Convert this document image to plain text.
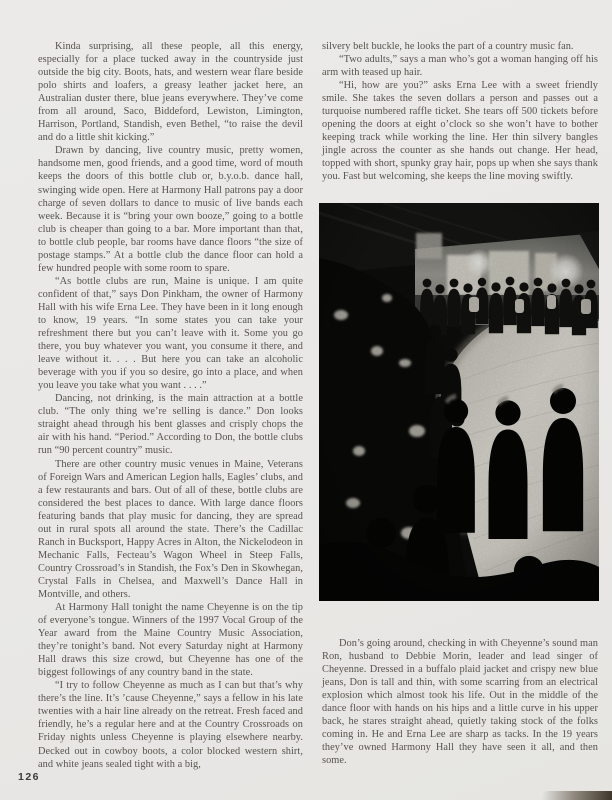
Kinda surprising, all these people, all this energy, especially for a place tucked away in the countryside just outside the big city. Boots, hats, and western wear flare beside polo shirts and loafers, a greasy leather jacket here, an Australian duster there, blue jeans everywhere. They’ve come from all around, Saco, Biddeford, Lewiston, Limington, Harrison, Portland, Standish, even Bethel, “to raise the devil and do a little shit kicking.”

Drawn by dancing, live country music, pretty women, handsome men, good friends, and a good time, word of mouth keeps the doors of this bottle club or, b.y.o.b. dance hall, swinging wide open. Here at Harmony Hall patrons pay a door charge of seven dollars to dance to music of live bands each week. Because it is “bring your own booze,” going to a bottle club is cheaper than going to a bar. More important than that, to bottle club people, bar rooms have dance floors “the size of postage stamps.” At a bottle club the dance floor can hold a few hundred people with some room to spare.

“As bottle clubs are run, Maine is unique. I am quite confident of that,” says Don Pinkham, the owner of Harmony Hall with his wife Erna Lee. They have been in it long enough to know, 19 years. “In some states you can take your refreshment there but you can’t leave with it. Some you go there, you buy whatever you want, you consume it there, and leave without it. . . . But here you can take an alcoholic beverage with you if you so desire, go into a place, and when you leave you take what you want . . . .”

Dancing, not drinking, is the main attraction at a bottle club. “The only thing we’re selling is dance.” Don looks straight ahead through his bent glasses and crisply chops the air with his hand. “Period.” According to Don, the bottle clubs run “90 percent country” music.

There are other country music venues in Maine, Veterans of Foreign Wars and American Legion halls, Eagles’ clubs, and a few restaurants and bars. Out of all of these, bottle clubs are considered the best places to dance. With large dance floors featuring bands that play music for dancing, they are spread out in rural spots all around the state. There’s the Cadillac Ranch in Bucksport, Happy Acres in Alton, the Nickelodeon in Mechanic Falls, Fecteau’s Wagon Wheel in Steep Falls, Country Crossroad’s in Standish, the Fox’s Den in Skowhegan, Crystal Falls in Chelsea, and Maxwell’s Dance Hall in Montville, and others.

At Harmony Hall tonight the name Cheyenne is on the tip of everyone’s tongue. Winners of the 1997 Vocal Group of the Year award from the Maine Country Music Association, they’re tonight’s band. Not every Saturday night at Harmony Hall draws this size crowd, but Cheyenne has one of the biggest followings of any country band in the state.

“I try to follow Cheyenne as much as I can but that’s why there’s the line. It’s ’cause Cheyenne,” says a fellow in his late twenties with a hair line already on the retreat. Fresh faced and friendly, he’s a regular here and at the Country Crossroads on Friday nights unless Cheyenne is playing elsewhere nearby. Decked out in cowboy boots, a color blocked western shirt, and white jeans sealed tight with a big,

silvery belt buckle, he looks the part of a country music fan.

“Two adults,” says a man who’s got a woman hanging off his arm with teased up hair.

“Hi, how are you?” asks Erna Lee with a sweet friendly smile. She takes the seven dollars a person and passes out a turquoise numbered raffle ticket. She tears off 500 tickets before opening the doors at eight o’clock so she won’t have to bother keeping track while working the line. Her thin silvery bangles jingle across the counter as she hands out change. Her head, topped with short, spunky gray hair, pops up when she says thank you. Fast but welcoming, she keeps the line moving swiftly.

Don’s going around, checking in with Cheyenne’s sound man Ron, husband to Debbie Morin, leader and lead singer of Cheyenne. Dressed in a buffalo plaid jacket and crispy new blue jeans, Don is tall and thin, with some scarring from an electrical explosion which almost took his life. Out in the middle of the dance floor with hands on his hips and a little curve in his upper back, he stares straight ahead, quietly taking stock of the folks coming in. He and Erna Lee are sharp as tacks. In the 19 years they’ve owned Harmony Hall they have seen it all, and then some.

126
